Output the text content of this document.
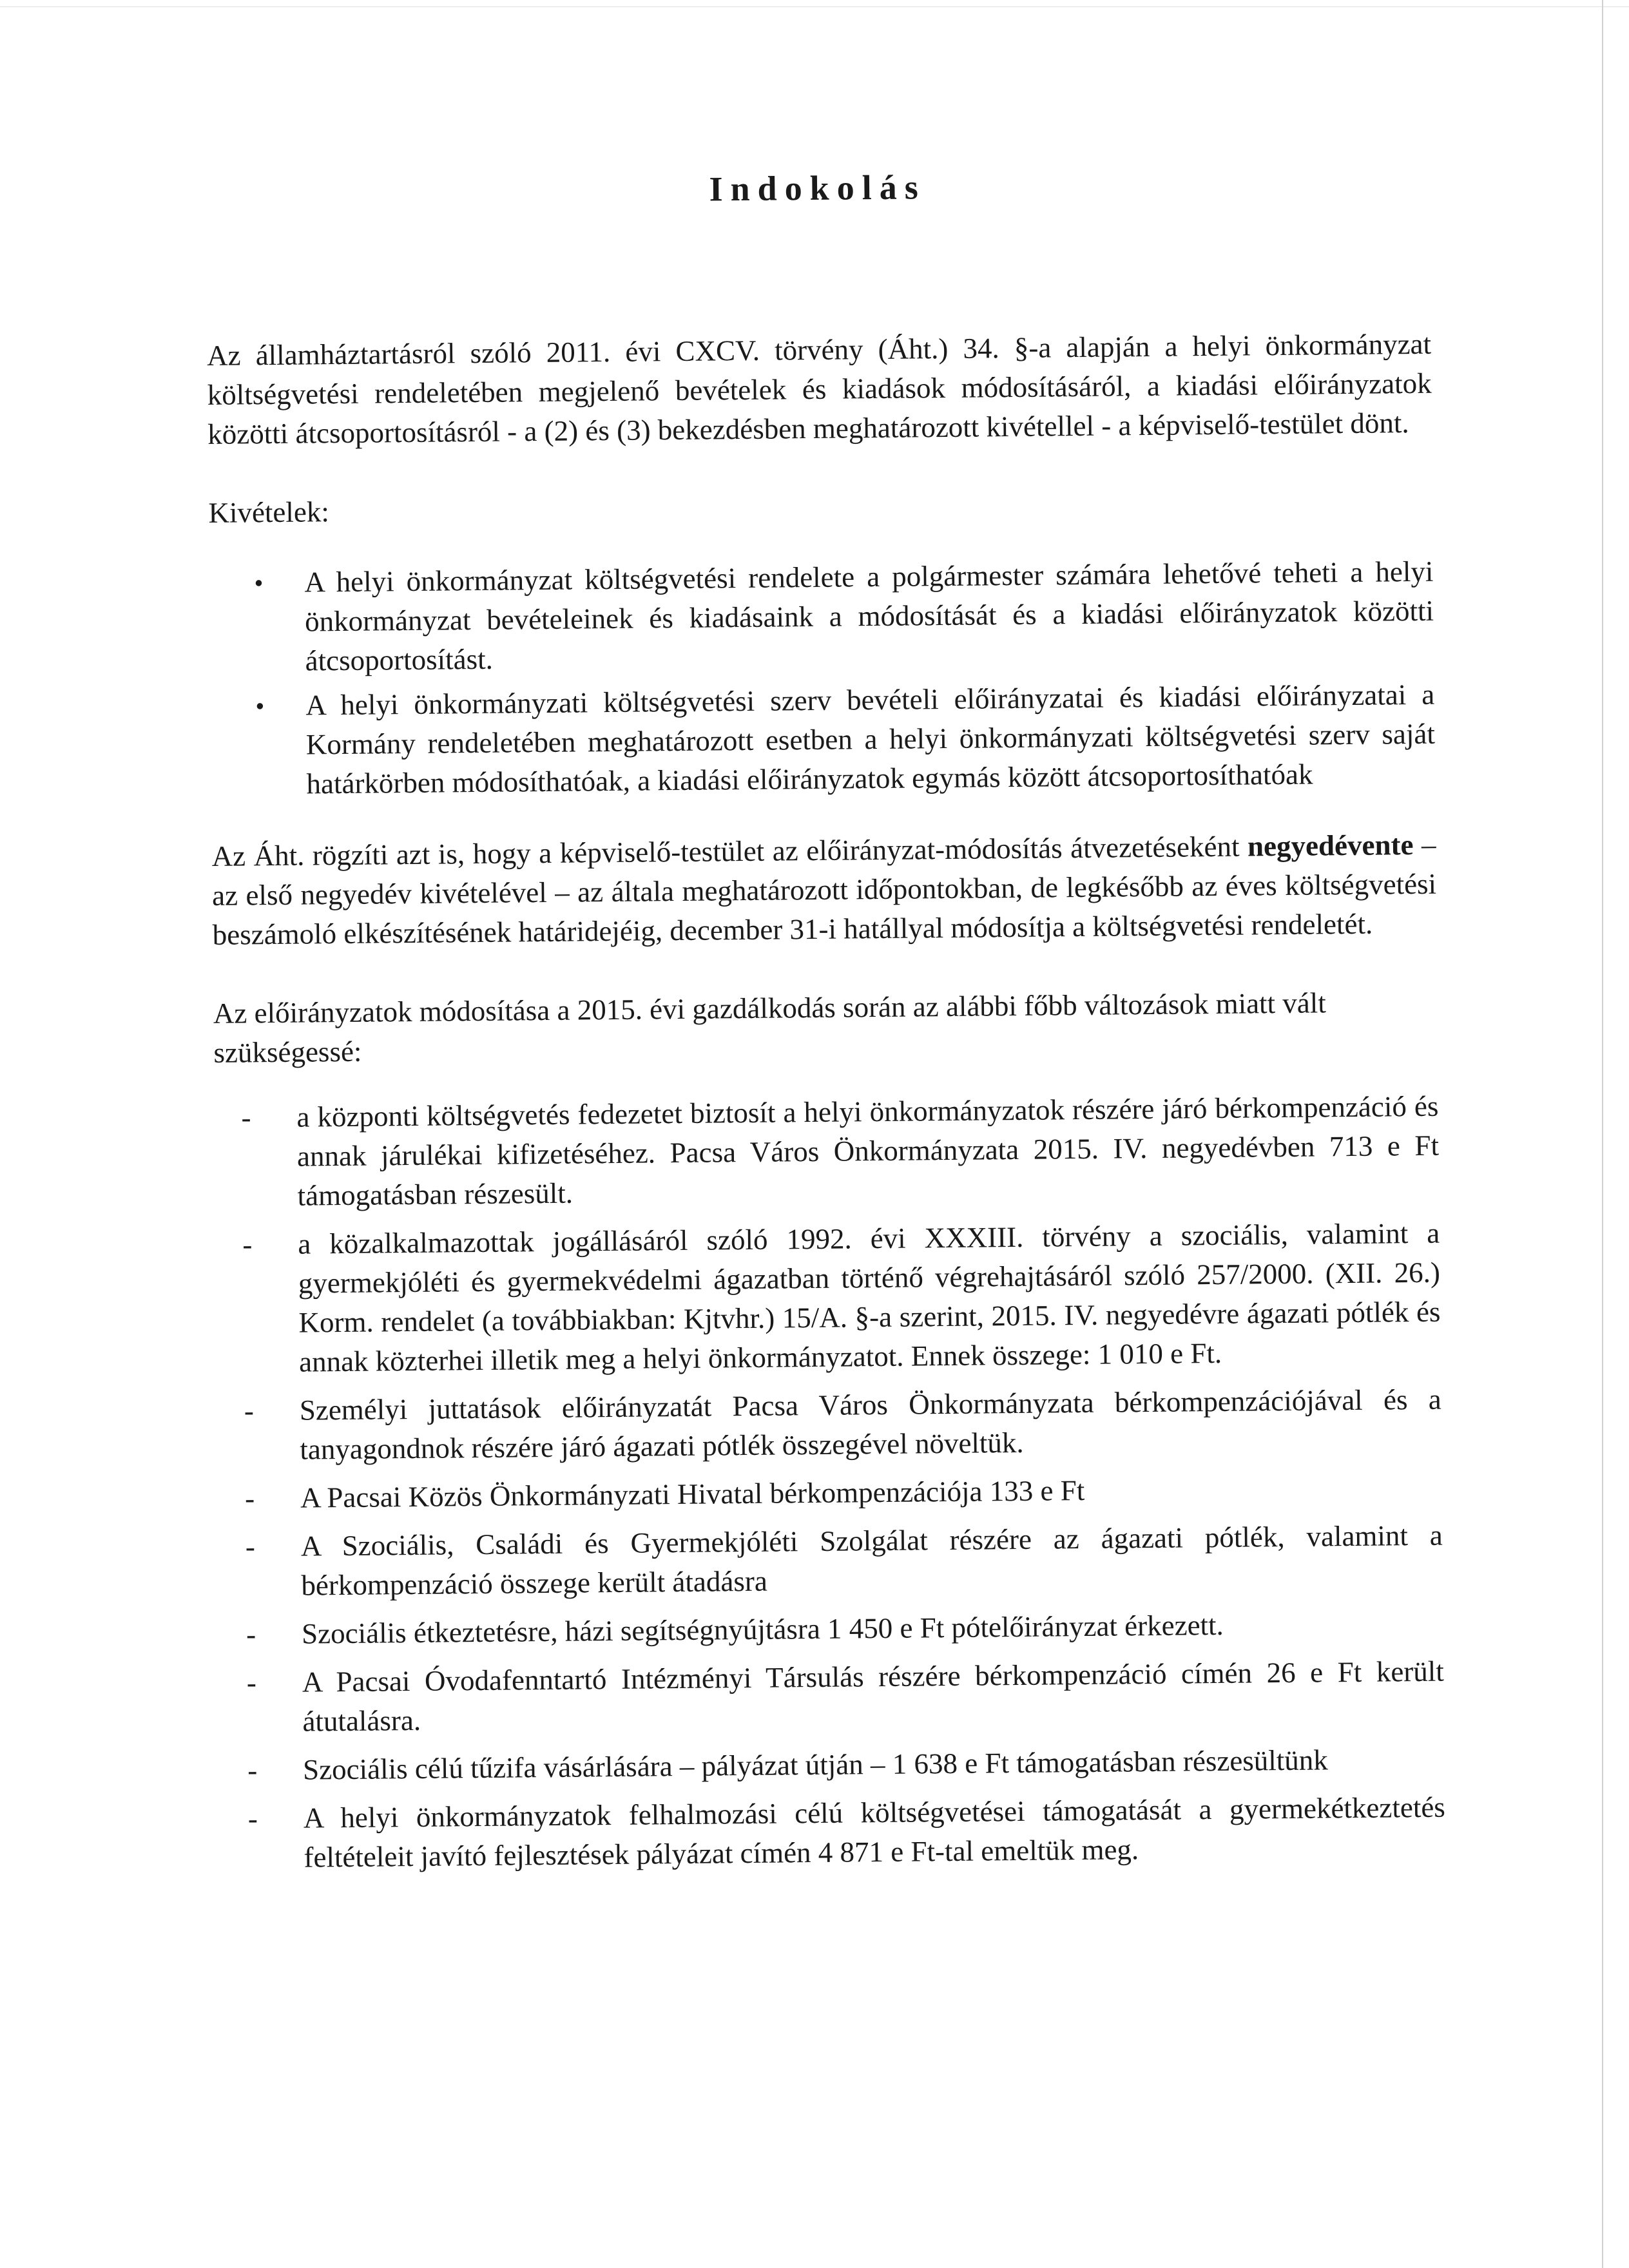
Indokolás

Az államháztartásról szóló 2011. évi CXCV. törvény (Áht.) 34. §-a alapján a helyi önkormányzat költségvetési rendeletében megjelenő bevételek és kiadások módosításáról, a kiadási előirányzatok közötti átcsoportosításról - a (2) és (3) bekezdésben meghatározott kivétellel - a képviselő-testület dönt.

Kivételek:

• A helyi önkormányzat költségvetési rendelete a polgármester számára lehetővé teheti a helyi önkormányzat bevételeinek és kiadásaink a módosítását és a kiadási előirányzatok közötti átcsoportosítást.
• A helyi önkormányzati költségvetési szerv bevételi előirányzatai és kiadási előirányzatai a Kormány rendeletében meghatározott esetben a helyi önkormányzati költségvetési szerv saját határkörben módosíthatóak, a kiadási előirányzatok egymás között átcsoportosíthatóak

Az Áht. rögzíti azt is, hogy a képviselő-testület az előirányzat-módosítás átvezetéseként negyedévente – az első negyedév kivételével – az általa meghatározott időpontokban, de legkésőbb az éves költségvetési beszámoló elkészítésének határidejéig, december 31-i hatállyal módosítja a költségvetési rendeletét.

Az előirányzatok módosítása a 2015. évi gazdálkodás során az alábbi főbb változások miatt vált szükségessé:

- a központi költségvetés fedezetet biztosít a helyi önkormányzatok részére járó bérkompenzáció és annak járulékai kifizetéséhez. Pacsa Város Önkormányzata 2015. IV. negyedévben 713 e Ft támogatásban részesült.
- a közalkalmazottak jogállásáról szóló 1992. évi XXXIII. törvény a szociális, valamint a gyermekjóléti és gyermekvédelmi ágazatban történő végrehajtásáról szóló 257/2000. (XII. 26.) Korm. rendelet (a továbbiakban: Kjtvhr.) 15/A. §-a szerint, 2015. IV. negyedévre ágazati pótlék és annak közterhei illetik meg a helyi önkormányzatot. Ennek összege: 1 010 e Ft.
- Személyi juttatások előirányzatát Pacsa Város Önkormányzata bérkompenzációjával és a tanyagondnok részére járó ágazati pótlék összegével növeltük.
- A Pacsai Közös Önkormányzati Hivatal bérkompenzációja 133 e Ft
- A Szociális, Családi és Gyermekjóléti Szolgálat részére az ágazati pótlék, valamint a bérkompenzáció összege került átadásra
- Szociális étkeztetésre, házi segítségnyújtásra 1 450 e Ft pótelőirányzat érkezett.
- A Pacsai Óvodafenntartó Intézményi Társulás részére bérkompenzáció címén 26 e Ft került átutalásra.
- Szociális célú tűzifa vásárlására – pályázat útján – 1 638 e Ft támogatásban részesültünk
- A helyi önkormányzatok felhalmozási célú költségvetései támogatását a gyermekétkeztetés feltételeit javító fejlesztések pályázat címén 4 871 e Ft-tal emeltük meg.
